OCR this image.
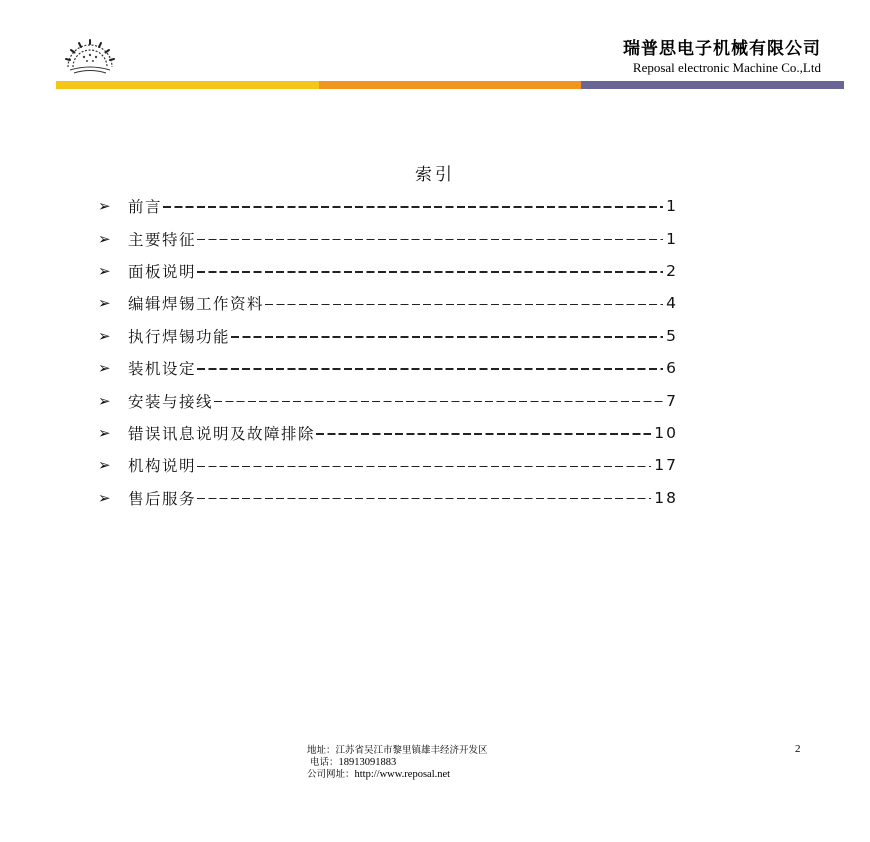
瑞普思电子机械有限公司
Reposal electronic Machine Co.,Ltd
索引
➢	前言	1
➢	主要特征	1
➢	面板说明	2
➢	编辑焊锡工作资料	4
➢	执行焊锡功能	5
➢	装机设定	6
➢	安装与接线	7
➢	错误讯息说明及故障排除	10
➢	机构说明	17
➢	售后服务	18
地址：江苏省吴江市黎里镇雄丰经济开发区
电话：18913091883
公司网址：http://www.reposal.net
2
